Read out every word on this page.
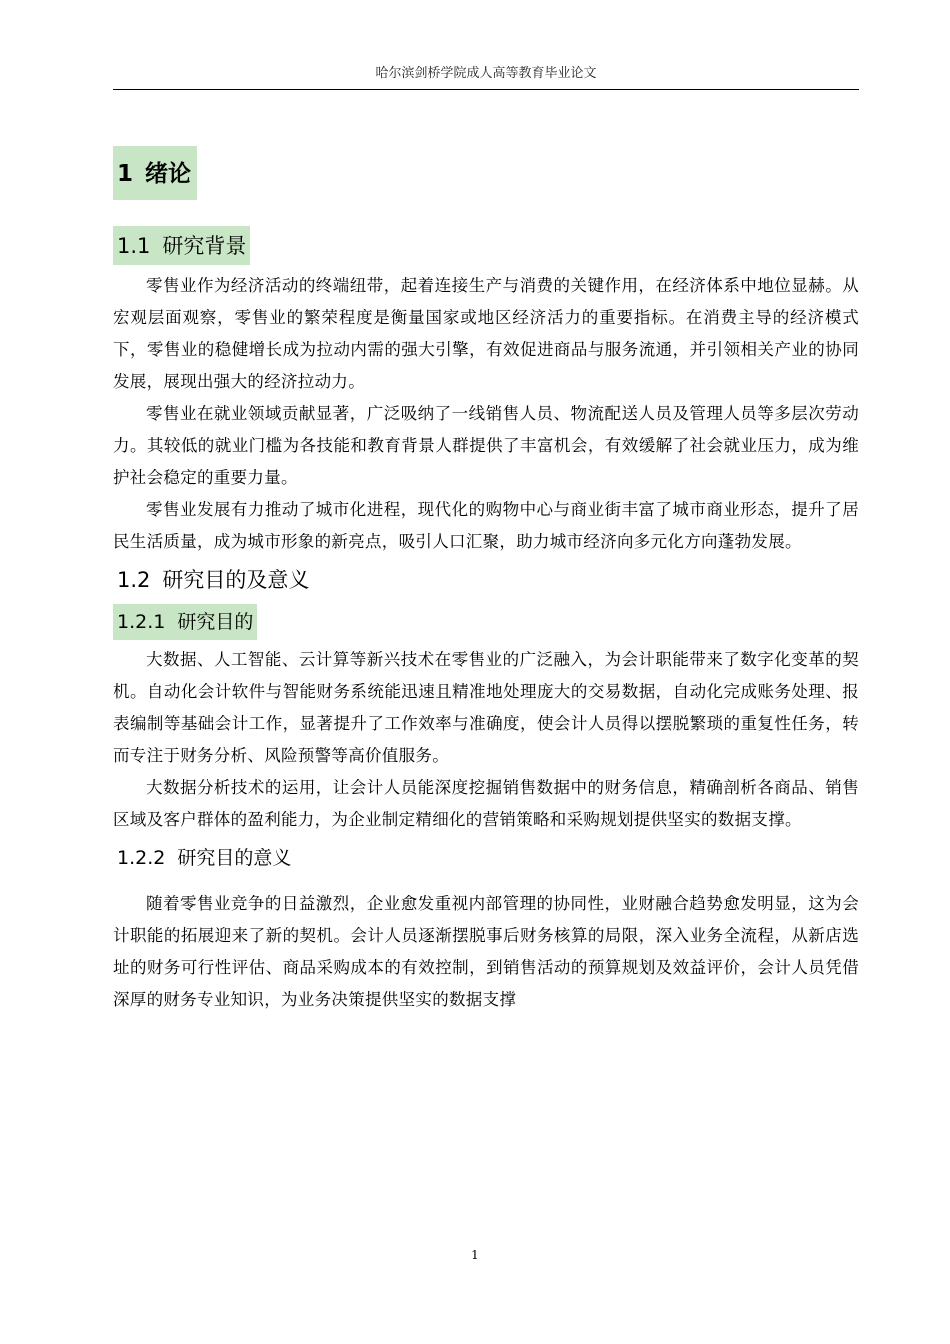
哈尔滨剑桥学院成人高等教育毕业论文
1 绪论
1.1 研究背景

零售业作为经济活动的终端纽带，起着连接生产与消费的关键作用，在经济体系中地位显赫。从宏观层面观察，零售业的繁荣程度是衡量国家或地区经济活力的重要指标。在消费主导的经济模式下，零售业的稳健增长成为拉动内需的强大引擎，有效促进商品与服务流通，并引领相关产业的协同发展，展现出强大的经济拉动力。

零售业在就业领域贡献显著，广泛吸纳了一线销售人员、物流配送人员及管理人员等多层次劳动力。其较低的就业门槛为各技能和教育背景人群提供了丰富机会，有效缓解了社会就业压力，成为维护社会稳定的重要力量。

零售业发展有力推动了城市化进程，现代化的购物中心与商业街丰富了城市商业形态，提升了居民生活质量，成为城市形象的新亮点，吸引人口汇聚，助力城市经济向多元化方向蓬勃发展。

1.2 研究目的及意义
1.2.1 研究目的

大数据、人工智能、云计算等新兴技术在零售业的广泛融入，为会计职能带来了数字化变革的契机。自动化会计软件与智能财务系统能迅速且精准地处理庞大的交易数据，自动化完成账务处理、报表编制等基础会计工作，显著提升了工作效率与准确度，使会计人员得以摆脱繁琐的重复性任务，转而专注于财务分析、风险预警等高价值服务。

大数据分析技术的运用，让会计人员能深度挖掘销售数据中的财务信息，精确剖析各商品、销售区域及客户群体的盈利能力，为企业制定精细化的营销策略和采购规划提供坚实的数据支撑。

1.2.2 研究目的意义

随着零售业竞争的日益激烈，企业愈发重视内部管理的协同性，业财融合趋势愈发明显，这为会计职能的拓展迎来了新的契机。会计人员逐渐摆脱事后财务核算的局限，深入业务全流程，从新店选址的财务可行性评估、商品采购成本的有效控制，到销售活动的预算规划及效益评价，会计人员凭借深厚的财务专业知识，为业务决策提供坚实的数据支撑

1
